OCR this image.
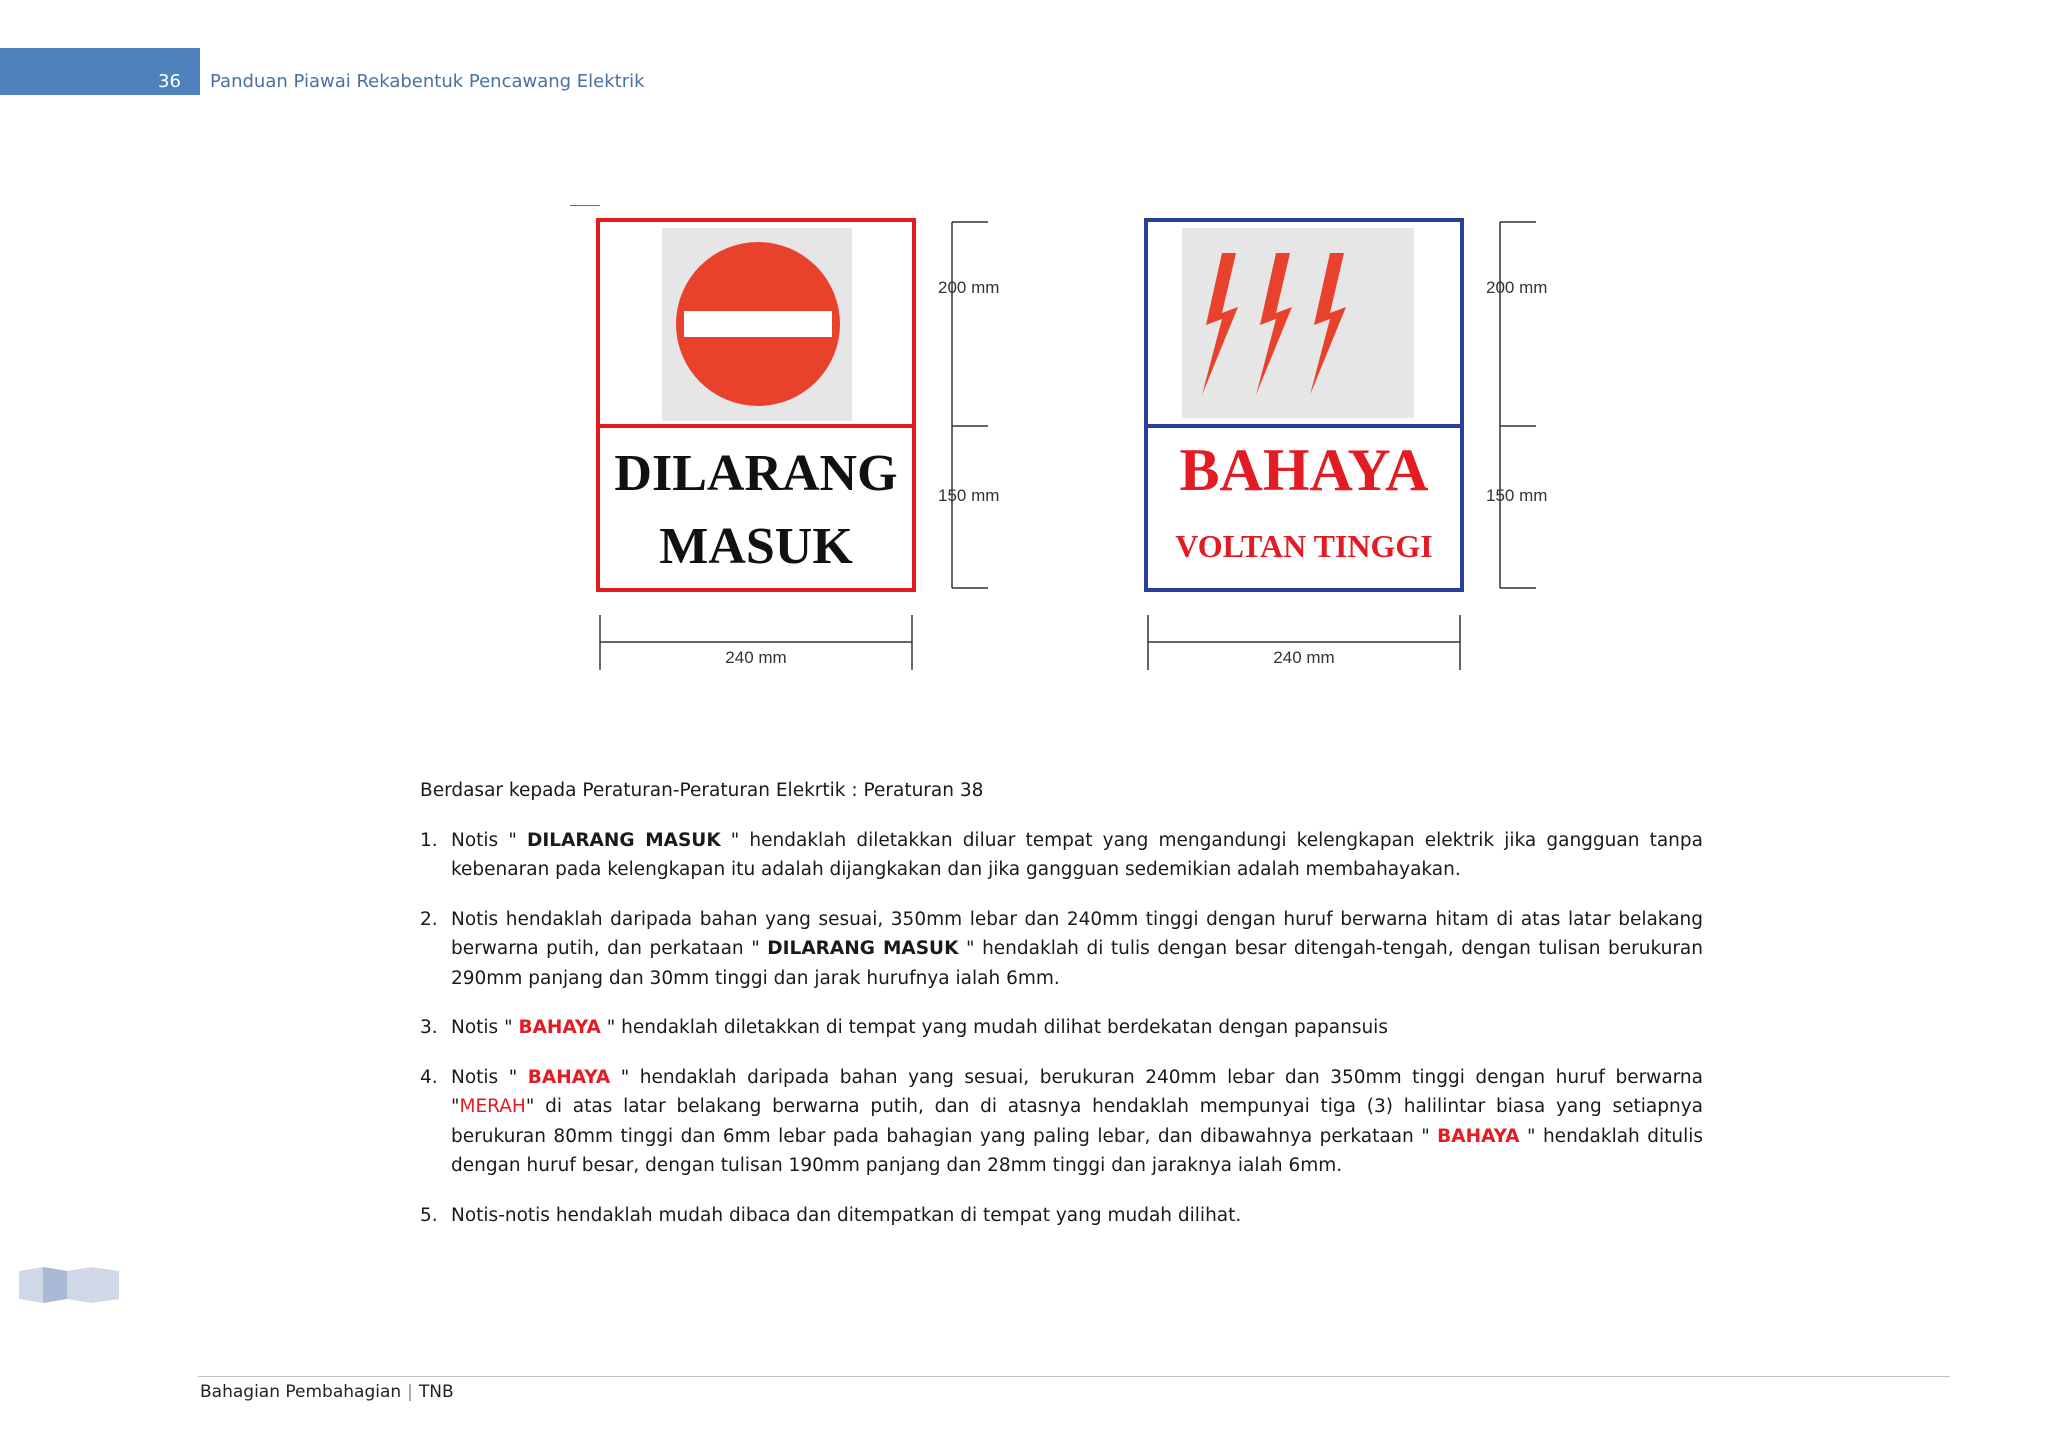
36 Panduan Piawai Rekabentuk Pencawang Elektrik
DILARANG
MASUK
200 mm
150 mm
240 mm
BAHAYA
VOLTAN TINGGI
200 mm
150 mm
240 mm

Berdasar kepada Peraturan-Peraturan Elekrtik : Peraturan 38

1. Notis " DILARANG MASUK " hendaklah diletakkan diluar tempat yang mengandungi kelengkapan elektrik jika gangguan tanpa kebenaran pada kelengkapan itu adalah dijangkakan dan jika gangguan sedemikian adalah membahayakan.
2. Notis hendaklah daripada bahan yang sesuai, 350mm lebar dan 240mm tinggi dengan huruf berwarna hitam di atas latar belakang berwarna putih, dan perkataan " DILARANG MASUK " hendaklah di tulis dengan besar ditengah-tengah, dengan tulisan berukuran 290mm panjang dan 30mm tinggi dan jarak hurufnya ialah 6mm.
3. Notis " BAHAYA " hendaklah diletakkan di tempat yang mudah dilihat berdekatan dengan papansuis
4. Notis " BAHAYA " hendaklah daripada bahan yang sesuai, berukuran 240mm lebar dan 350mm tinggi dengan huruf berwarna "MERAH" di atas latar belakang berwarna putih, dan di atasnya hendaklah mempunyai tiga (3) halilintar biasa yang setiapnya berukuran 80mm tinggi dan 6mm lebar pada bahagian yang paling lebar, dan dibawahnya perkataan " BAHAYA " hendaklah ditulis dengan huruf besar, dengan tulisan 190mm panjang dan 28mm tinggi dan jaraknya ialah 6mm.
5. Notis-notis hendaklah mudah dibaca dan ditempatkan di tempat yang mudah dilihat.
Bahagian Pembahagian | TNB
